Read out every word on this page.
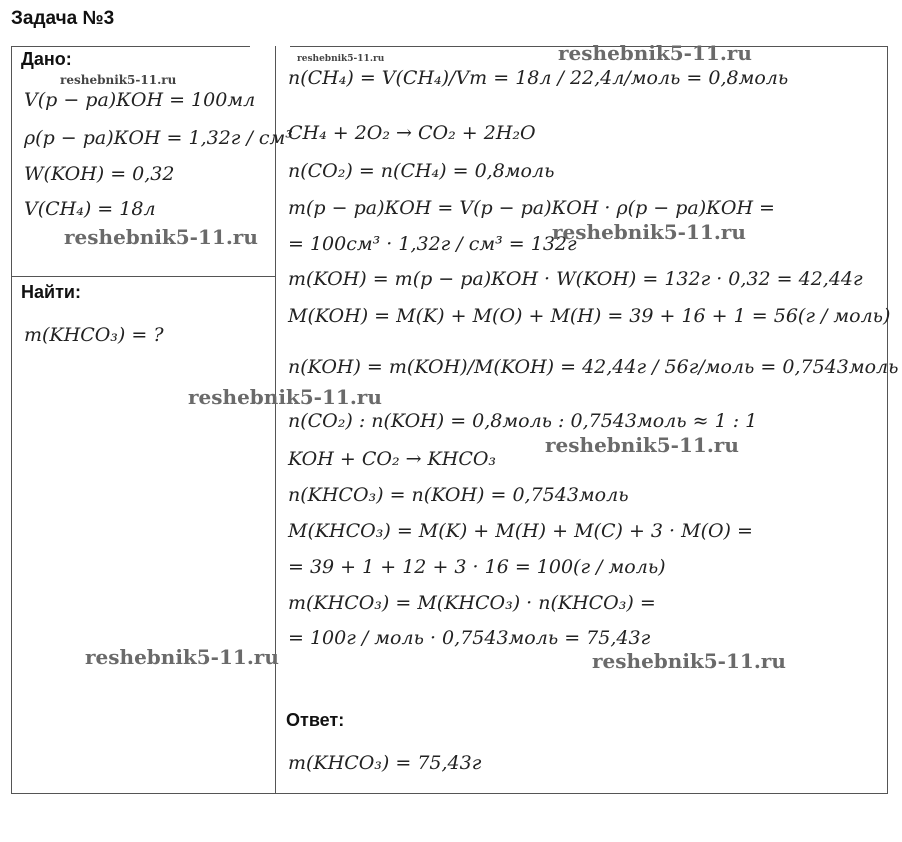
Задача №3
Дано:
V(р − ра)КОН = 100мл
ρ(р − ра)КОН = 1,32г / см³
W(KOH) = 0,32
V(CH₄) = 18л
Найти:
m(KHCO₃) = ?
n(CH₄) = V(CH₄)/Vm = 18л / 22,4л/моль = 0,8моль
CH₄ + 2O₂ → CO₂ + 2H₂O
n(CO₂) = n(CH₄) = 0,8моль
m(р − ра)КОН = V(р − ра)КОН · ρ(р − ра)КОН =
= 100см³ · 1,32г / см³ = 132г
m(KOH) = m(р − ра)КОН · W(KOH) = 132г · 0,32 = 42,44г
M(KOH) = M(K) + M(O) + M(H) = 39 + 16 + 1 = 56(г / моль)
n(KOH) = m(KOH)/M(KOH) = 42,44г / 56г/моль = 0,7543моль
n(CO₂) : n(KOH) = 0,8моль : 0,7543моль ≈ 1 : 1
KOH + CO₂ → KHCO₃
n(KHCO₃) = n(KOH) = 0,7543моль
M(KHCO₃) = M(K) + M(H) + M(C) + 3 · M(O) =
= 39 + 1 + 12 + 3 · 16 = 100(г / моль)
m(KHCO₃) = M(KHCO₃) · n(KHCO₃) =
= 100г / моль · 0,7543моль = 75,43г
Ответ:
m(KHCO₃) = 75,43г
reshebnik5-11.ru
reshebnik5-11.ru	reshebnik5-11.ru
reshebnik5-11.ru	reshebnik5-11.ru
reshebnik5-11.ru
reshebnik5-11.ru
reshebnik5-11.ru	reshebnik5-11.ru
